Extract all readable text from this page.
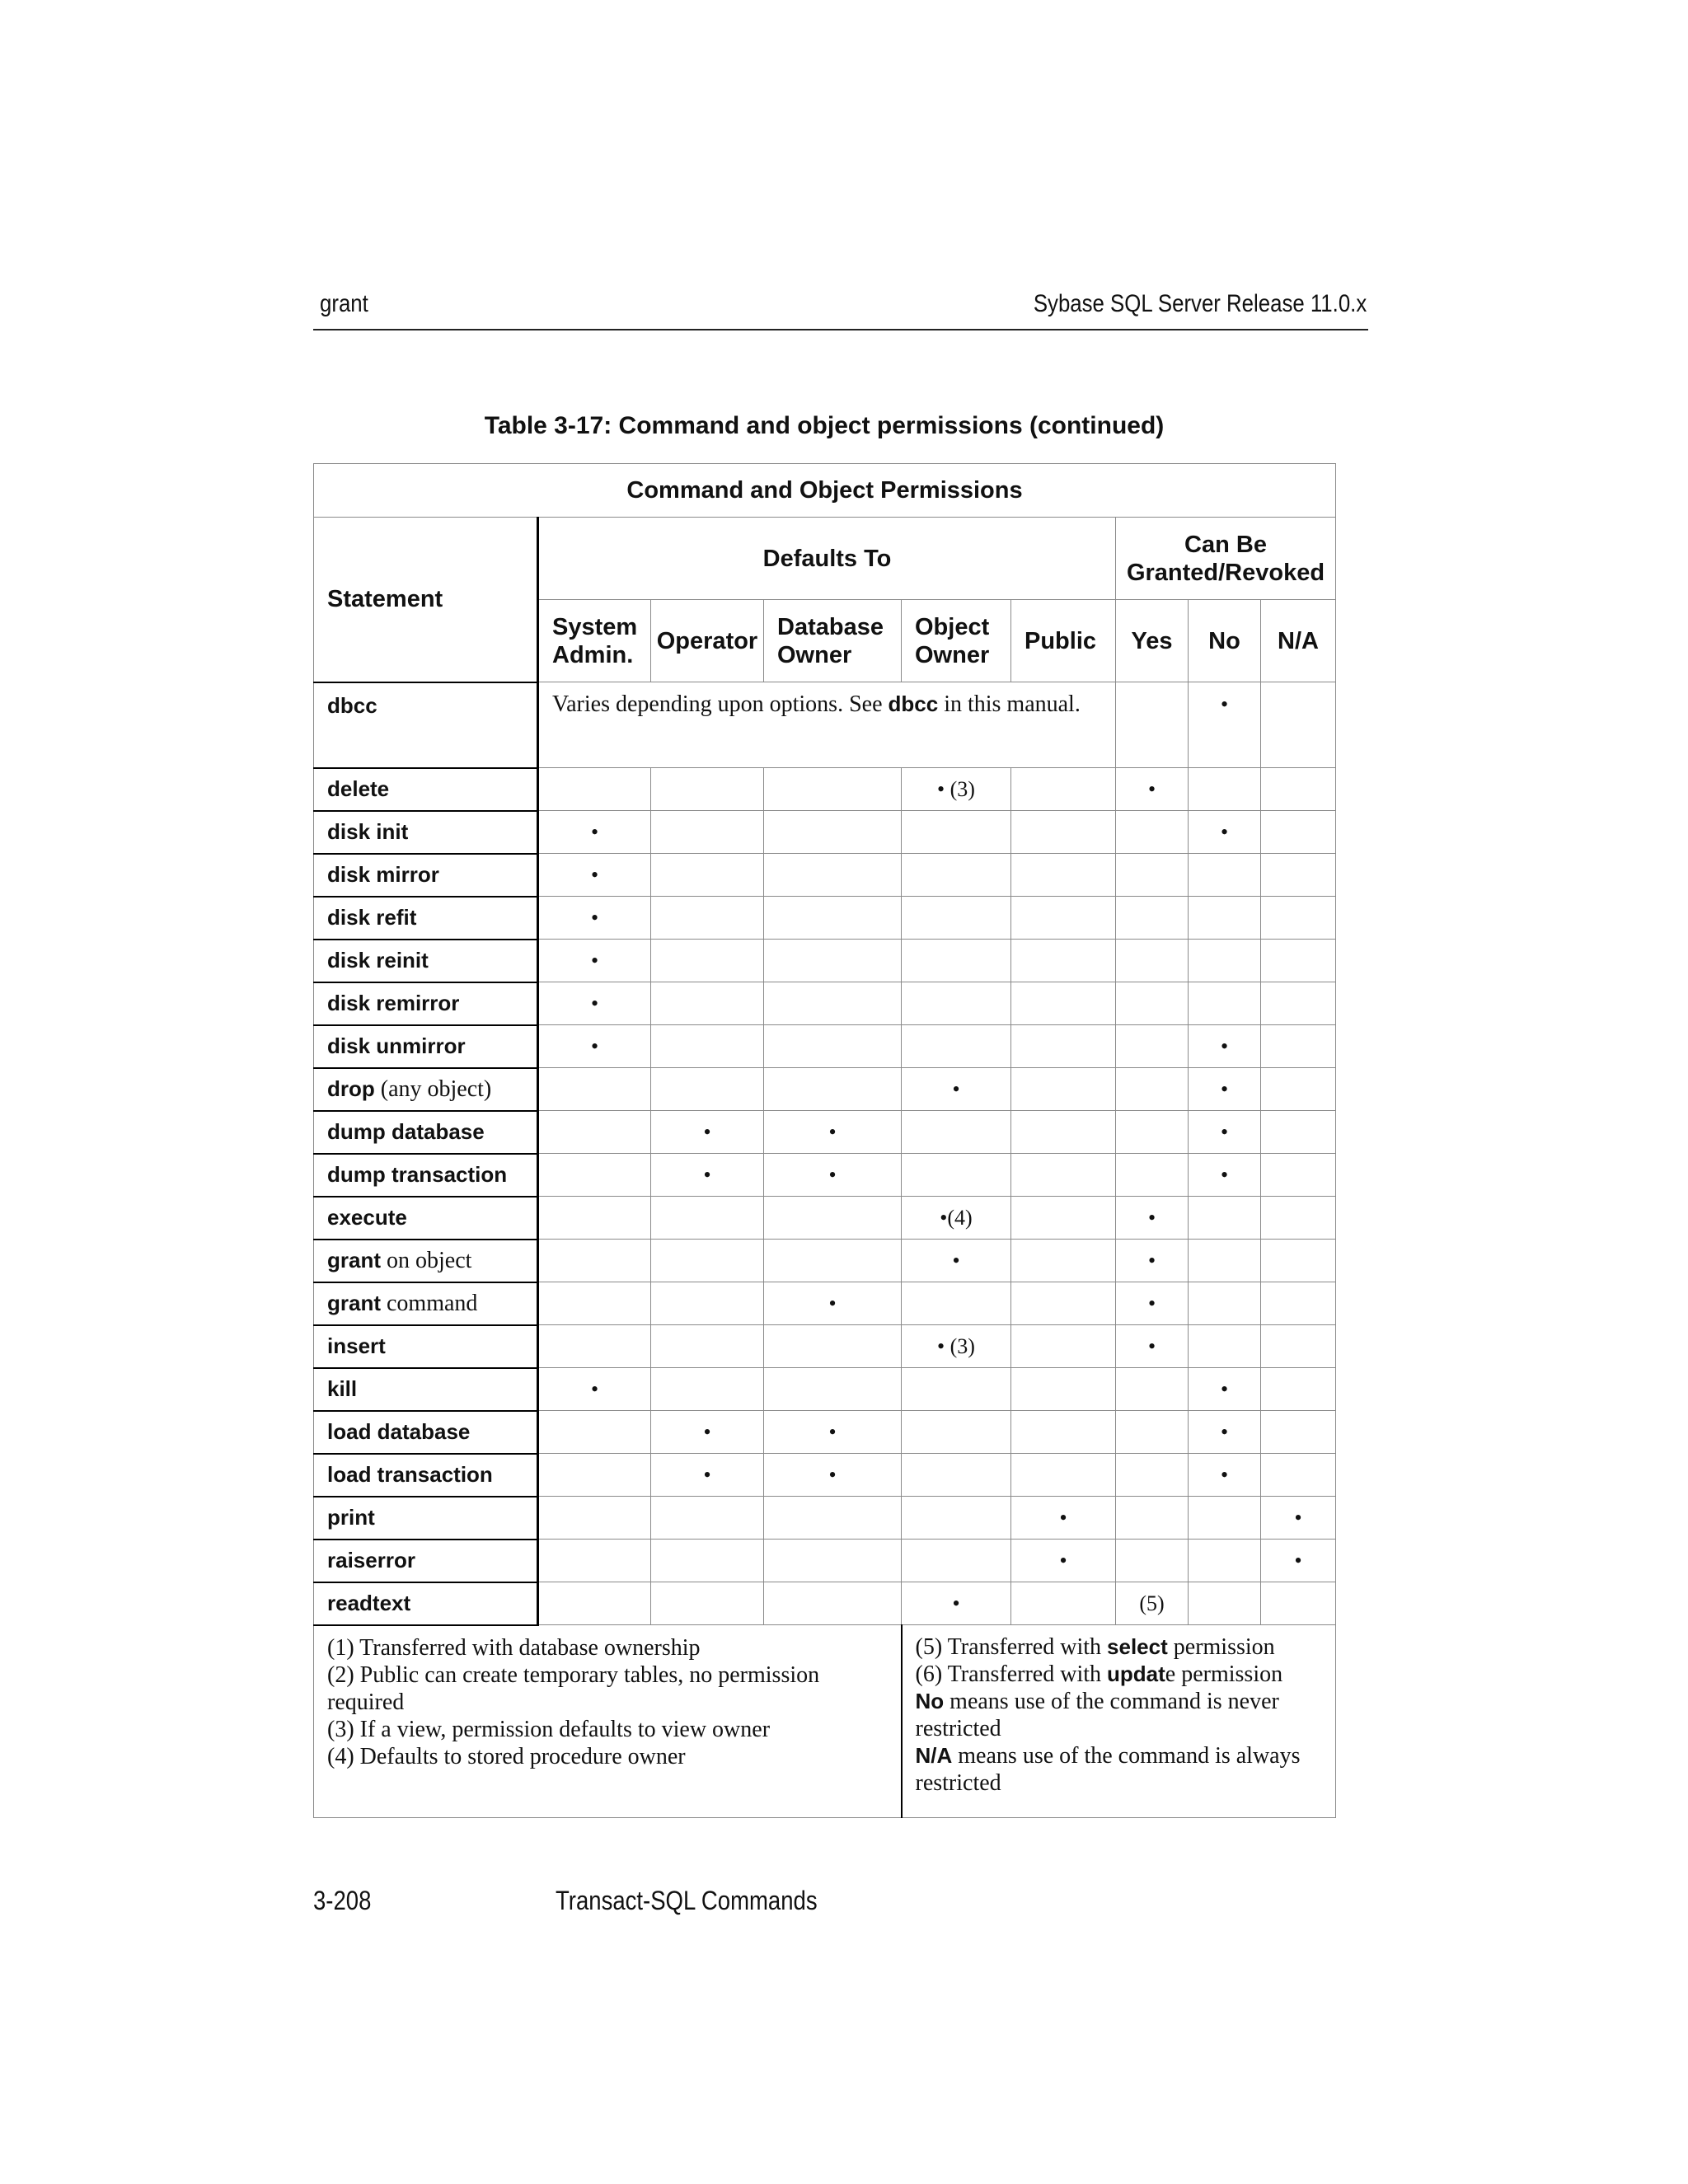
grant	Sybase SQL Server Release 11.0.x
Table 3-17: Command and object permissions (continued)
Command and Object Permissions								
Statement	Defaults To					Can Be Granted/Revoked		
	System Admin.	Operator	Database Owner	Object Owner	Public	Yes	No	N/A
dbcc	Varies depending upon options. See dbcc in this manual.						•	
delete				• (3)		•		
disk init	•						•	
disk mirror	•							
disk refit	•							
disk reinit	•							
disk remirror	•							
disk unmirror	•						•	
drop (any object)				•			•	
dump database		•	•				•	
dump transaction		•	•				•	
execute				•(4)		•		
grant on object				•		•		
grant command			•			•		
insert				• (3)		•		
kill	•						•	
load database		•	•				•	
load transaction		•	•				•	
print					•			•
raiserror					•			•
readtext				•		(5)		

(1) Transferred with database ownership
(2) Public can create temporary tables, no permission required
(3) If a view, permission defaults to view owner
(4) Defaults to stored procedure owner				(5) Transferred with select permission
(6) Transferred with update permission
No means use of the command is never restricted
N/A means use of the command is always restricted				
3-208	Transact-SQL Commands
